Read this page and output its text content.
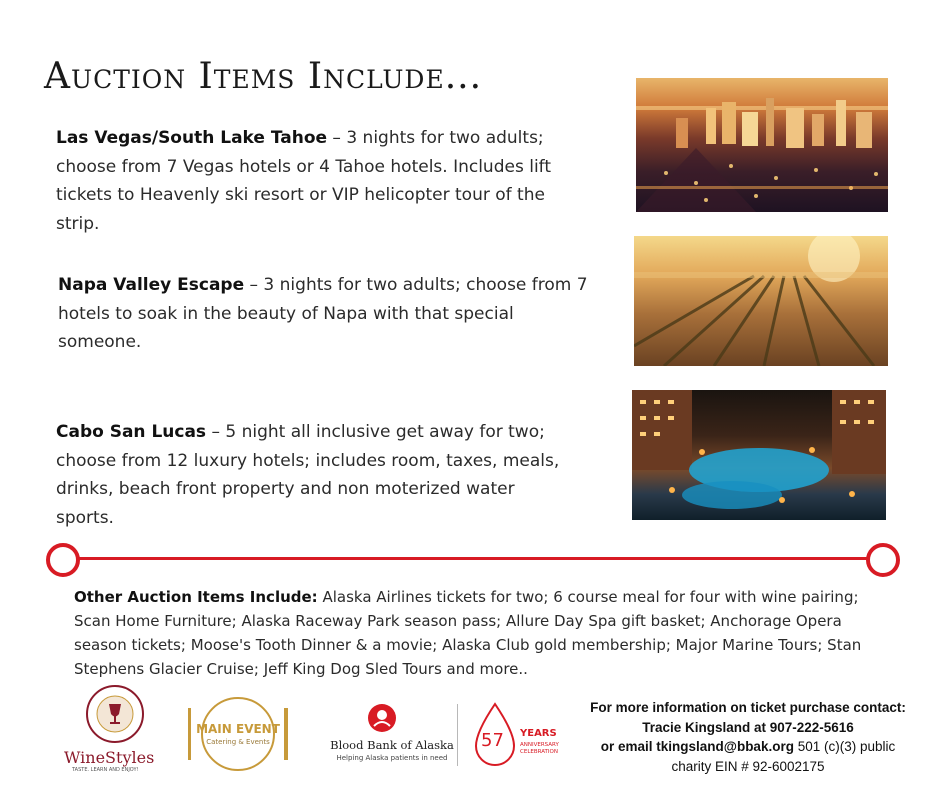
Auction Items Include...
Las Vegas/South Lake Tahoe – 3 nights for two adults; choose from 7 Vegas hotels or 4 Tahoe hotels. Includes lift tickets to Heavenly ski resort or VIP helicopter tour of the strip.
Napa Valley Escape – 3 nights for two adults; choose from 7 hotels to soak in the beauty of Napa with that special someone.
Cabo San Lucas – 5 night all inclusive get away for two; choose from 12 luxury hotels; includes room, taxes, meals, drinks, beach front property and non moterized water sports.
Other Auction Items Include: Alaska Airlines tickets for two; 6 course meal for four with wine pairing; Scan Home Furniture; Alaska Raceway Park season pass; Allure Day Spa gift basket; Anchorage Opera season tickets; Moose's Tooth Dinner & a movie; Alaska Club gold membership; Major Marine Tours; Stan Stephens Glacier Cruise; Jeff King Dog Sled Tours and more..
WineStyles
TASTE. LEARN AND ENJOY!
MAIN EVENT
Catering & Events	Blood Bank of Alaska
Helping Alaska patients in need
57 YEARS
ANNIVERSARY
CELEBRATION
For more information on ticket purchase contact:
Tracie Kingsland at 907-222-5616
or email tkingsland@bbak.org 501 (c)(3) public
charity EIN # 92-6002175
